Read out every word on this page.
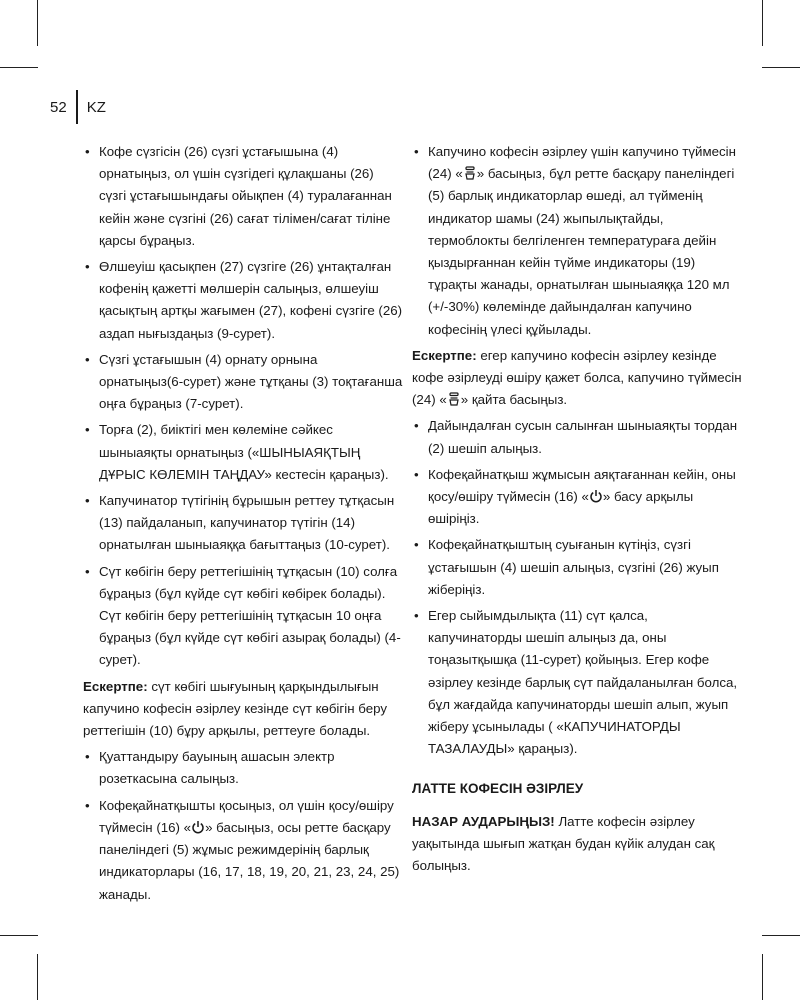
52	KZ
• Кофе сүзгісін (26) сүзгі ұстағышына (4) орнатыңыз, ол үшін сүзгідегі құлақшаны (26) сүзгі ұстағышындағы ойықпен (4) туралағаннан кейін және сүзгіні (26) сағат тілімен/сағат тіліне қарсы бұраңыз.
• Өлшеуіш қасықпен (27) сүзгіге (26) ұнтақталған кофенің қажетті мөлшерін салыңыз, өлшеуіш қасықтың артқы жағымен (27), кофені сүзгіге (26) аздап нығыздаңыз (9-сурет).
• Сүзгі ұстағышын (4) орнату орнына орнатыңыз(6-сурет) және тұтқаны (3) тоқтағанша оңға бұраңыз (7-сурет).
• Торға (2), биіктігі мен көлеміне сәйкес шыныаяқты орнатыңыз («ШЫНЫАЯҚТЫҢ ДҰРЫС КӨЛЕМІН ТАҢДАУ» кестесін қараңыз).
• Капучинатор түтігінің бұрышын реттеу тұтқасын (13) пайдаланып, капучинатор түтігін (14) орнатылған шыныаяққа бағыттаңыз (10-сурет).
• Сүт көбігін беру реттегішінің тұтқасын (10) солға бұраңыз (бұл күйде сүт көбігі көбірек болады). Сүт көбігін беру реттегішінің тұтқасын 10 оңға бұраңыз (бұл күйде сүт көбігі азырақ болады) (4-сурет).

Ескертпе: сүт көбігі шығуының қарқындылығын капучино кофесін әзірлеу кезінде сүт көбігін беру реттегішін (10) бұру арқылы, реттеуге болады.

• Қуаттандыру бауының ашасын электр розеткасына салыңыз.
• Кофеқайнатқышты қосыңыз, ол үшін қосу/өшіру түймесін (16) « » басыңыз, осы ретте басқару панеліндегі (5) жұмыс режимдерінің барлық индикаторлары (16, 17, 18, 19, 20, 21, 23, 24, 25) жанады.
• Капучино кофесін әзірлеу үшін капучино түймесін (24) « » басыңыз, бұл ретте басқару панеліндегі (5) барлық индикаторлар өшеді, ал түйменің индикатор шамы (24) жыпылықтайды, термоблокты белгіленген температураға дейін қыздырғаннан кейін түйме индикаторы (19) тұрақты жанады, орнатылған шыныаяққа 120 мл (+/-30%) көлемінде дайындалған капучино кофесінің үлесі құйылады.

Ескертпе: егер капучино кофесін әзірлеу кезінде кофе әзірлеуді өшіру қажет болса, капучино түймесін (24) « » қайта басыңыз.

• Дайындалған сусын салынған шыныаяқты тордан (2) шешіп алыңыз.
• Кофеқайнатқыш жұмысын аяқтағаннан кейін, оны қосу/өшіру түймесін (16) « » басу арқылы өшіріңіз.
• Кофеқайнатқыштың суығанын күтіңіз, сүзгі ұстағышын (4) шешіп алыңыз, сүзгіні (26) жуып жіберіңіз.
• Егер сыйымдылықта (11) сүт қалса, капучинаторды шешіп алыңыз да, оны тоңазытқышқа (11-сурет) қойыңыз. Егер кофе әзірлеу кезінде барлық сүт пайдаланылған болса, бұл жағдайда капучинаторды шешіп алып, жуып жіберу ұсынылады ( «КАПУЧИНАТОРДЫ ТАЗАЛАУДЫ» қараңыз).
ЛАТТЕ КОФЕСІН ӘЗІРЛЕУ

НАЗАР АУДАРЫҢЫЗ! Латте кофесін әзірлеу уақытында шығып жатқан будан күйік алудан сақ болыңыз.
